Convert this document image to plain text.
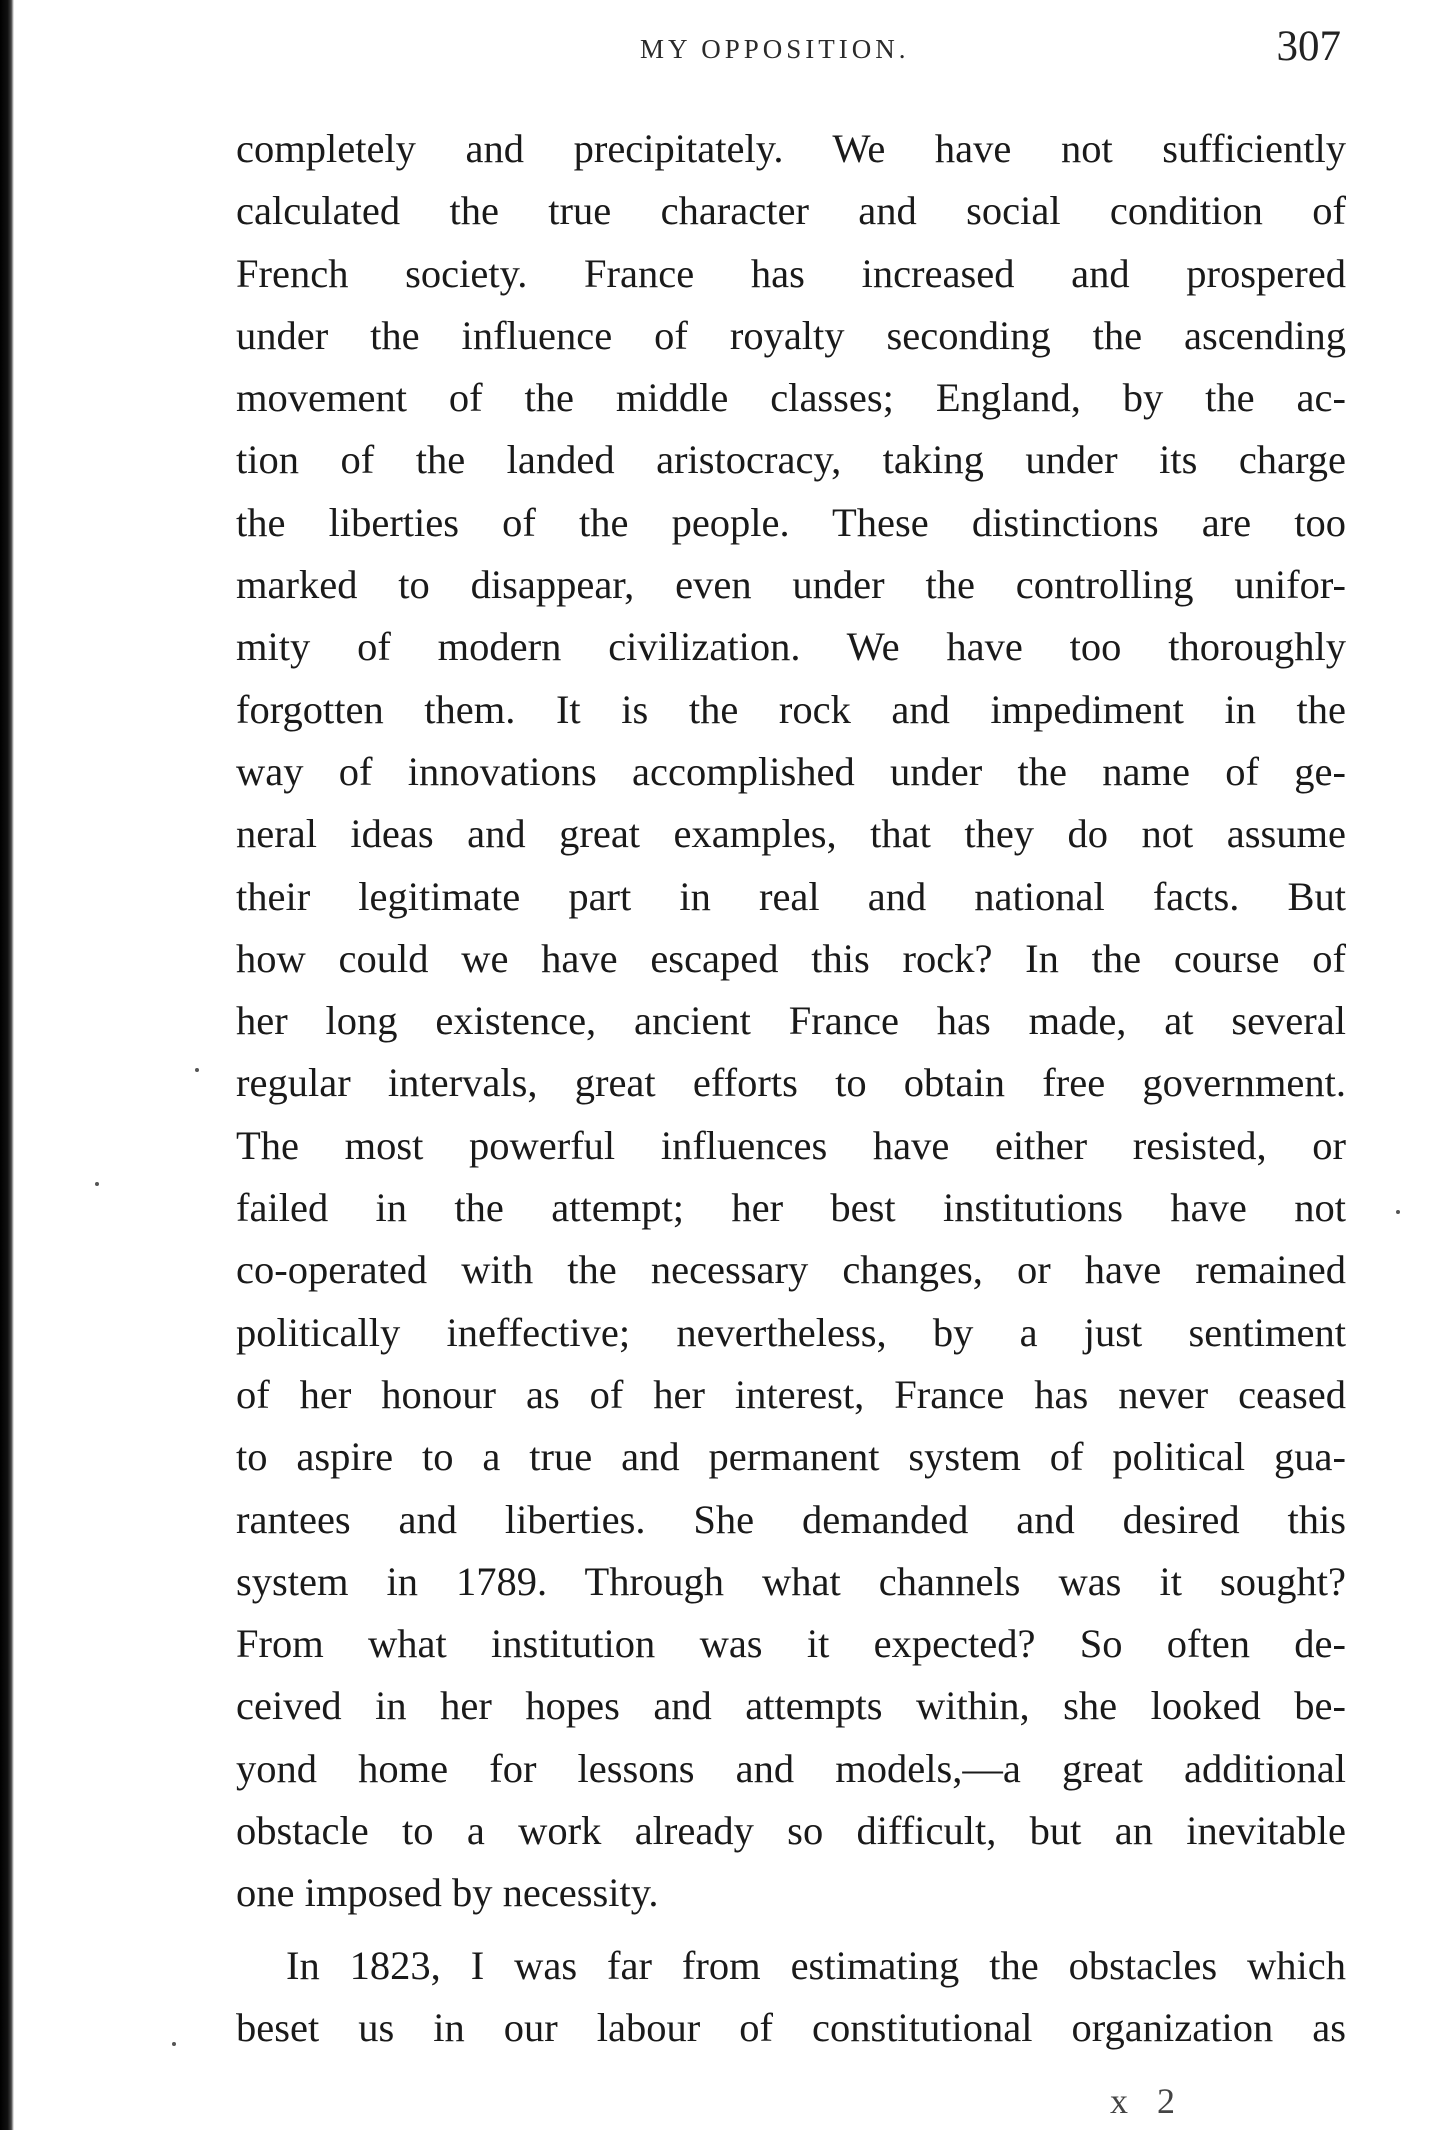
MY OPPOSITION.	307

completely and precipitately. We have not sufficiently

calculated the true character and social condition of

French society. France has increased and prospered

under the influence of royalty seconding the ascending

movement of the middle classes; England, by the ac-

tion of the landed aristocracy, taking under its charge

the liberties of the people. These distinctions are too

marked to disappear, even under the controlling unifor-

mity of modern civilization. We have too thoroughly

forgotten them. It is the rock and impediment in the

way of innovations accomplished under the name of ge-

neral ideas and great examples, that they do not assume

their legitimate part in real and national facts. But

how could we have escaped this rock? In the course of

her long existence, ancient France has made, at several

regular intervals, great efforts to obtain free government.

The most powerful influences have either resisted, or

failed in the attempt; her best institutions have not

co-operated with the necessary changes, or have remained

politically ineffective; nevertheless, by a just sentiment

of her honour as of her interest, France has never ceased

to aspire to a true and permanent system of political gua-

rantees and liberties. She demanded and desired this

system in 1789. Through what channels was it sought?

From what institution was it expected? So often de-

ceived in her hopes and attempts within, she looked be-

yond home for lessons and models,—a great additional

obstacle to a work already so difficult, but an inevitable

one imposed by necessity.

In 1823, I was far from estimating the obstacles which

beset us in our labour of constitutional organization as

x 2
